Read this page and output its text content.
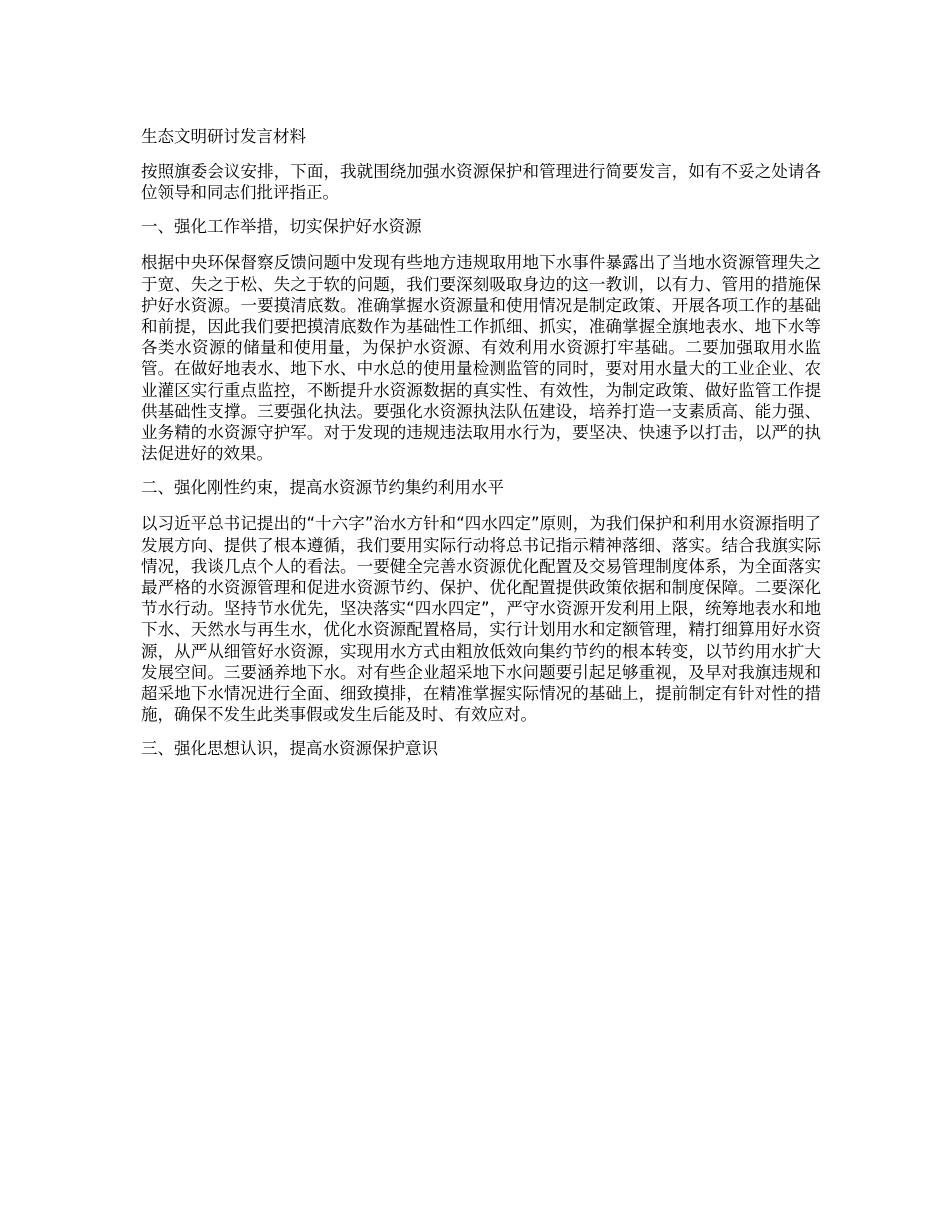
生态文明研讨发言材料

按照旗委会议安排，下面，我就围绕加强水资源保护和管理进行简要发言，如有不妥之处请各位领导和同志们批评指正。

一、强化工作举措，切实保护好水资源

根据中央环保督察反馈问题中发现有些地方违规取用地下水事件暴露出了当地水资源管理失之于宽、失之于松、失之于软的问题，我们要深刻吸取身边的这一教训，以有力、管用的措施保护好水资源。一要摸清底数。准确掌握水资源量和使用情况是制定政策、开展各项工作的基础和前提，因此我们要把摸清底数作为基础性工作抓细、抓实，准确掌握全旗地表水、地下水等各类水资源的储量和使用量，为保护水资源、有效利用水资源打牢基础。二要加强取用水监管。在做好地表水、地下水、中水总的使用量检测监管的同时，要对用水量大的工业企业、农业灌区实行重点监控，不断提升水资源数据的真实性、有效性，为制定政策、做好监管工作提供基础性支撑。三要强化执法。要强化水资源执法队伍建设，培养打造一支素质高、能力强、业务精的水资源守护军。对于发现的违规违法取用水行为，要坚决、快速予以打击，以严的执法促进好的效果。

二、强化刚性约束，提高水资源节约集约利用水平

以习近平总书记提出的“十六字”治水方针和“四水四定”原则，为我们保护和利用水资源指明了发展方向、提供了根本遵循，我们要用实际行动将总书记指示精神落细、落实。结合我旗实际情况，我谈几点个人的看法。一要健全完善水资源优化配置及交易管理制度体系，为全面落实最严格的水资源管理和促进水资源节约、保护、优化配置提供政策依据和制度保障。二要深化节水行动。坚持节水优先，坚决落实“四水四定”，严守水资源开发利用上限，统筹地表水和地下水、天然水与再生水，优化水资源配置格局，实行计划用水和定额管理，精打细算用好水资源，从严从细管好水资源，实现用水方式由粗放低效向集约节约的根本转变，以节约用水扩大发展空间。三要涵养地下水。对有些企业超采地下水问题要引起足够重视，及早对我旗违规和超采地下水情况进行全面、细致摸排，在精准掌握实际情况的基础上，提前制定有针对性的措施，确保不发生此类事假或发生后能及时、有效应对。

三、强化思想认识，提高水资源保护意识
